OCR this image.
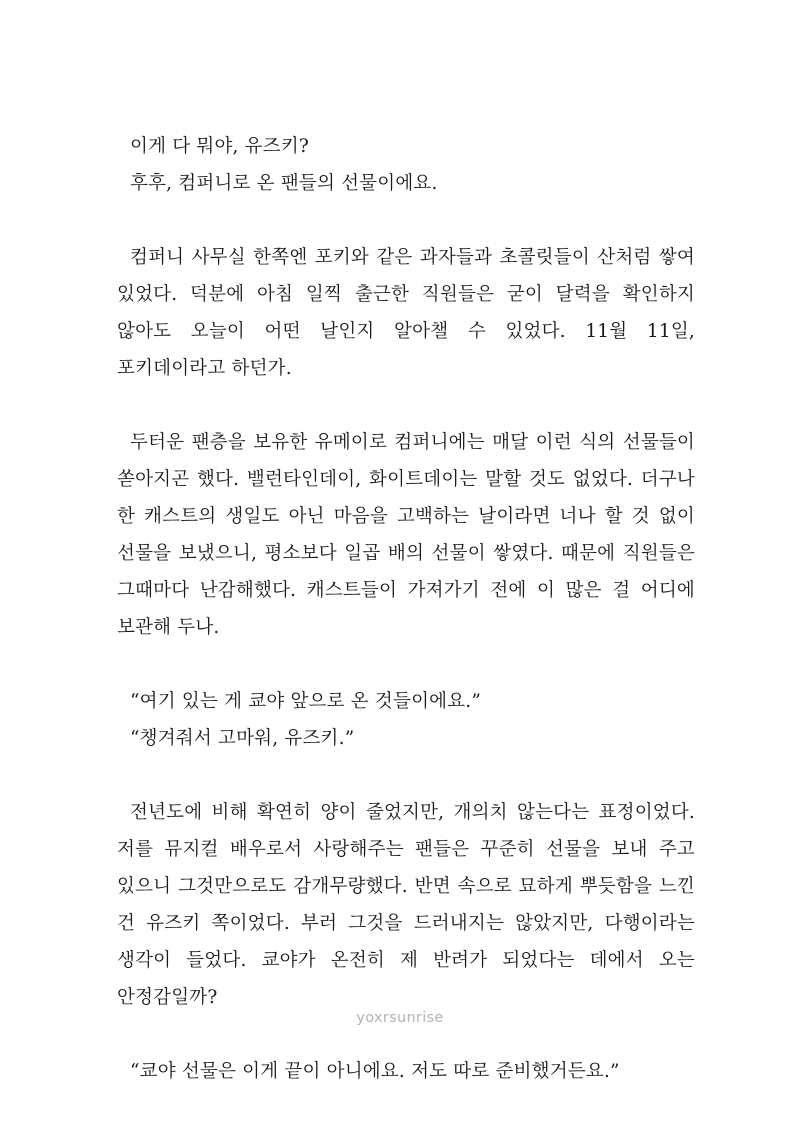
이게 다 뭐야, 유즈키?

후후, 컴퍼니로 온 팬들의 선물이에요.

컴퍼니 사무실 한쪽엔 포키와 같은 과자들과 초콜릿들이 산처럼 쌓여 있었다. 덕분에 아침 일찍 출근한 직원들은 굳이 달력을 확인하지 않아도 오늘이 어떤 날인지 알아챌 수 있었다. 11월 11일, 포키데이라고 하던가.

두터운 팬층을 보유한 유메이로 컴퍼니에는 매달 이런 식의 선물들이 쏟아지곤 했다. 밸런타인데이, 화이트데이는 말할 것도 없었다. 더구나 한 캐스트의 생일도 아닌 마음을 고백하는 날이라면 너나 할 것 없이 선물을 보냈으니, 평소보다 일곱 배의 선물이 쌓였다. 때문에 직원들은 그때마다 난감해했다. 캐스트들이 가져가기 전에 이 많은 걸 어디에 보관해 두나.

“여기 있는 게 쿄야 앞으로 온 것들이에요.”

“챙겨줘서 고마워, 유즈키.”

전년도에 비해 확연히 양이 줄었지만, 개의치 않는다는 표정이었다. 저를 뮤지컬 배우로서 사랑해주는 팬들은 꾸준히 선물을 보내 주고 있으니 그것만으로도 감개무량했다. 반면 속으로 묘하게 뿌듯함을 느낀 건 유즈키 쪽이었다. 부러 그것을 드러내지는 않았지만, 다행이라는 생각이 들었다. 쿄야가 온전히 제 반려가 되었다는 데에서 오는 안정감일까?

“쿄야 선물은 이게 끝이 아니에요. 저도 따로 준비했거든요.”

yoxrsunrise
